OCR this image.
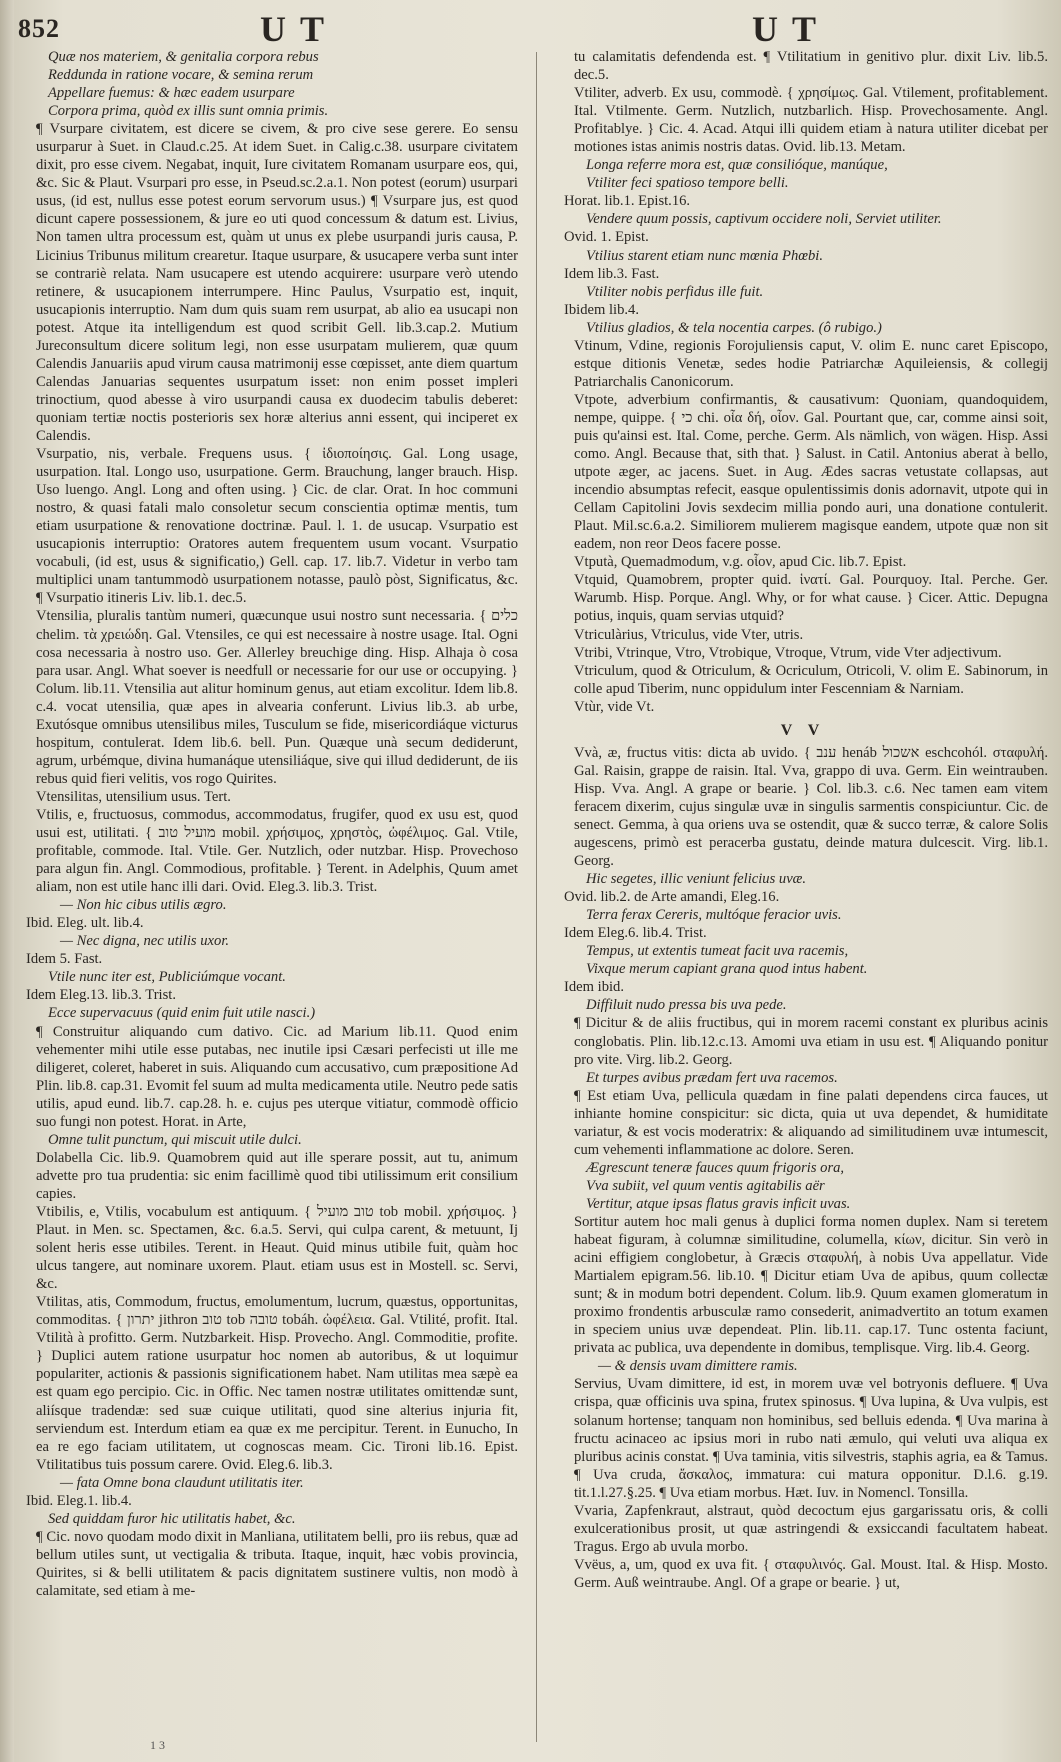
852	UT	UT

Quæ nos materiem, & genitalia corpora rebus

Reddunda in ratione vocare, & semina rerum

Appellare fuemus: & hæc eadem usurpare

Corpora prima, quòd ex illis sunt omnia primis.

¶ Vsurpare civitatem, est dicere se civem, & pro cive sese gerere. Eo sensu usurparur à Suet. in Claud.c.25. At idem Suet. in Calig.c.38. usurpare civitatem dixit, pro esse civem. Negabat, inquit, Iure civitatem Romanam usurpare eos, qui, &c. Sic & Plaut. Vsurpari pro esse, in Pseud.sc.2.a.1. Non potest (eorum) usurpari usus, (id est, nullus esse potest eorum servorum usus.) ¶ Vsurpare jus, est quod dicunt capere possessionem, & jure eo uti quod concessum & datum est. Livius, Non tamen ultra processum est, quàm ut unus ex plebe usurpandi juris causa, P. Licinius Tribunus militum crearetur. Itaque usurpare, & usucapere verba sunt inter se contrariè relata. Nam usucapere est utendo acquirere: usurpare verò utendo retinere, & usucapionem interrumpere. Hinc Paulus, Vsurpatio est, inquit, usucapionis interruptio. Nam dum quis suam rem usurpat, ab alio ea usucapi non potest. Atque ita intelligendum est quod scribit Gell. lib.3.cap.2. Mutium Jureconsultum dicere solitum legi, non esse usurpatam mulierem, quæ quum Calendis Januariis apud virum causa matrimonij esse cœpisset, ante diem quartum Calendas Januarias sequentes usurpatum isset: non enim posset impleri trinoctium, quod abesse à viro usurpandi causa ex duodecim tabulis deberet: quoniam tertiæ noctis posterioris sex horæ alterius anni essent, qui inciperet ex Calendis.

Vsurpatio, nis, verbale. Frequens usus. { ἰδιοποίησις. Gal. Long usage, usurpation. Ital. Longo uso, usurpatione. Germ. Brauchung, langer brauch. Hisp. Uso luengo. Angl. Long and often using. } Cic. de clar. Orat. In hoc communi nostro, & quasi fatali malo consoletur secum conscientia optimæ mentis, tum etiam usurpatione & renovatione doctrinæ. Paul. l. 1. de usucap. Vsurpatio est usucapionis interruptio: Oratores autem frequentem usum vocant. Vsurpatio vocabuli, (id est, usus & significatio,) Gell. cap. 17. lib.7. Videtur in verbo tam multiplici unam tantummodò usurpationem notasse, paulò pòst, Significatus, &c. ¶ Vsurpatio itineris Liv. lib.1. dec.5.

Vtensilia, pluralis tantùm numeri, quæcunque usui nostro sunt necessaria. { כלים chelim. τὰ χρειώδη. Gal. Vtensiles, ce qui est necessaire à nostre usage. Ital. Ogni cosa necessaria à nostro uso. Ger. Allerley breuchige ding. Hisp. Alhaja ò cosa para usar. Angl. What soever is needfull or necessarie for our use or occupying. } Colum. lib.11. Vtensilia aut alitur hominum genus, aut etiam excolitur. Idem lib.8. c.4. vocat utensilia, quæ apes in alvearia conferunt. Livius lib.3. ab urbe, Exutósque omnibus utensilibus miles, Tusculum se fide, misericordiáque victurus hospitum, contulerat. Idem lib.6. bell. Pun. Quæque unà secum dediderunt, agrum, urbémque, divina humanáque utensiliáque, sive qui illud dediderunt, de iis rebus quid fieri velitis, vos rogo Quirites.

Vtensilitas, utensilium usus. Tert.

Vtilis, e, fructuosus, commodus, accommodatus, frugifer, quod ex usu est, quod usui est, utilitati. { מועיל טוב mobil. χρήσιμος, χρηστὸς, ὠφέλιμος. Gal. Vtile, profitable, commode. Ital. Vtile. Ger. Nutzlich, oder nutzbar. Hisp. Provechoso para algun fin. Angl. Commodious, profitable. } Terent. in Adelphis, Quum amet aliam, non est utile hanc illi dari. Ovid. Eleg.3. lib.3. Trist.

— Non hic cibus utilis ægro.

Ibid. Eleg. ult. lib.4.

— Nec digna, nec utilis uxor.

Idem 5. Fast.

Vtile nunc iter est, Publiciúmque vocant.

Idem Eleg.13. lib.3. Trist.

Ecce supervacuus (quid enim fuit utile nasci.)

¶ Construitur aliquando cum dativo. Cic. ad Marium lib.11. Quod enim vehementer mihi utile esse putabas, nec inutile ipsi Cæsari perfecisti ut ille me diligeret, coleret, haberet in suis. Aliquando cum accusativo, cum præpositione Ad Plin. lib.8. cap.31. Evomit fel suum ad multa medicamenta utile. Neutro pede satis utilis, apud eund. lib.7. cap.28. h. e. cujus pes uterque vitiatur, commodè officio suo fungi non potest. Horat. in Arte,

Omne tulit punctum, qui miscuit utile dulci.

Dolabella Cic. lib.9. Quamobrem quid aut ille sperare possit, aut tu, animum advette pro tua prudentia: sic enim facillimè quod tibi utilissimum erit consilium capies.

Vtibilis, e, Vtilis, vocabulum est antiquum. { טוב מועיל tob mobil. χρήσιμος. } Plaut. in Men. sc. Spectamen, &c. 6.a.5. Servi, qui culpa carent, & metuunt, Ij solent heris esse utibiles. Terent. in Heaut. Quid minus utibile fuit, quàm hoc ulcus tangere, aut nominare uxorem. Plaut. etiam usus est in Mostell. sc. Servi, &c.

Vtilitas, atis, Commodum, fructus, emolumentum, lucrum, quæstus, opportunitas, commoditas. { יתרון jithron טוב tob טובה tobáh. ὠφέλεια. Gal. Vtilité, profit. Ital. Vtilità à profitto. Germ. Nutzbarkeit. Hisp. Provecho. Angl. Commoditie, profite. } Duplici autem ratione usurpatur hoc nomen ab autoribus, & ut loquimur populariter, actionis & passionis significationem habet. Nam utilitas mea sæpè ea est quam ego percipio. Cic. in Offic. Nec tamen nostræ utilitates omittendæ sunt, aliísque tradendæ: sed suæ cuique utilitati, quod sine alterius injuria fit, serviendum est. Interdum etiam ea quæ ex me percipitur. Terent. in Eunucho, In ea re ego faciam utilitatem, ut cognoscas meam. Cic. Tironi lib.16. Epist. Vtilitatibus tuis possum carere. Ovid. Eleg.6. lib.3.

— fata Omne bona claudunt utilitatis iter.

Ibid. Eleg.1. lib.4.

Sed quiddam furor hic utilitatis habet, &c.

¶ Cic. novo quodam modo dixit in Manliana, utilitatem belli, pro iis rebus, quæ ad bellum utiles sunt, ut vectigalia & tributa. Itaque, inquit, hæc vobis provincia, Quirites, si & belli utilitatem & pacis dignitatem sustinere vultis, non modò à calamitate, sed etiam à me-

tu calamitatis defendenda est. ¶ Vtilitatium in genitivo plur. dixit Liv. lib.5. dec.5.

Vtiliter, adverb. Ex usu, commodè. { χρησίμως. Gal. Vtilement, profitablement. Ital. Vtilmente. Germ. Nutzlich, nutzbarlich. Hisp. Provechosamente. Angl. Profitablye. } Cic. 4. Acad. Atqui illi quidem etiam à natura utiliter dicebat per motiones istas animis nostris datas. Ovid. lib.13. Metam.

Longa referre mora est, quæ consilióque, manúque,

Vtiliter feci spatioso tempore belli.

Horat. lib.1. Epist.16.

Vendere quum possis, captivum occidere noli, Serviet utiliter.

Ovid. 1. Epist.

Vtilius starent etiam nunc mœnia Phœbi.

Idem lib.3. Fast.

Vtiliter nobis perfidus ille fuit.

Ibidem lib.4.

Vtilius gladios, & tela nocentia carpes. (ô rubigo.)

Vtinum, Vdine, regionis Forojuliensis caput, V. olim E. nunc caret Episcopo, estque ditionis Venetæ, sedes hodie Patriarchæ Aquileiensis, & collegij Patriarchalis Canonicorum.

Vtpote, adverbium confirmantis, & causativum: Quoniam, quandoquidem, nempe, quippe. { כי chi. οἷα δή, οἷον. Gal. Pourtant que, car, comme ainsi soit, puis qu'ainsi est. Ital. Come, perche. Germ. Als nämlich, von wägen. Hisp. Assi como. Angl. Because that, sith that. } Salust. in Catil. Antonius aberat à bello, utpote æger, ac jacens. Suet. in Aug. Ædes sacras vetustate collapsas, aut incendio absumptas refecit, easque opulentissimis donis adornavit, utpote qui in Cellam Capitolini Jovis sexdecim millia pondo auri, una donatione contulerit. Plaut. Mil.sc.6.a.2. Similiorem mulierem magisque eandem, utpote quæ non sit eadem, non reor Deos facere posse.

Vtputà, Quemadmodum, v.g. οἷον, apud Cic. lib.7. Epist.

Vtquid, Quamobrem, propter quid. ἱνατί. Gal. Pourquoy. Ital. Perche. Ger. Warumb. Hisp. Porque. Angl. Why, or for what cause. } Cicer. Attic. Depugna potius, inquis, quam servias utquid?

Vtriculàrius, Vtriculus, vide Vter, utris.

Vtribi, Vtrinque, Vtro, Vtrobique, Vtroque, Vtrum, vide Vter adjectivum.

Vtriculum, quod & Otriculum, & Ocriculum, Otricoli, V. olim E. Sabinorum, in colle apud Tiberim, nunc oppidulum inter Fescenniam & Narniam.

Vtùr, vide Vt.

V V

Vvà, æ, fructus vitis: dicta ab uvido. { ענב henáb אשכול eschcohól. σταφυλή. Gal. Raisin, grappe de raisin. Ital. Vva, grappo di uva. Germ. Ein weintrauben. Hisp. Vva. Angl. A grape or bearie. } Col. lib.3. c.6. Nec tamen eam vitem feracem dixerim, cujus singulæ uvæ in singulis sarmentis conspiciuntur. Cic. de senect. Gemma, à qua oriens uva se ostendit, quæ & succo terræ, & calore Solis augescens, primò est peracerba gustatu, deinde matura dulcescit. Virg. lib.1. Georg.

Hic segetes, illic veniunt felicius uvæ.

Ovid. lib.2. de Arte amandi, Eleg.16.

Terra ferax Cereris, multóque feracior uvis.

Idem Eleg.6. lib.4. Trist.

Tempus, ut extentis tumeat facit uva racemis,

Vixque merum capiant grana quod intus habent.

Idem ibid.

Diffiluit nudo pressa bis uva pede.

¶ Dicitur & de aliis fructibus, qui in morem racemi constant ex pluribus acinis conglobatis. Plin. lib.12.c.13. Amomi uva etiam in usu est. ¶ Aliquando ponitur pro vite. Virg. lib.2. Georg.

Et turpes avibus prædam fert uva racemos.

¶ Est etiam Uva, pellicula quædam in fine palati dependens circa fauces, ut inhiante homine conspicitur: sic dicta, quia ut uva dependet, & humiditate variatur, & est vocis moderatrix: & aliquando ad similitudinem uvæ intumescit, cum vehementi inflammatione ac dolore. Seren.

Ægrescunt teneræ fauces quum frigoris ora,

Vva subiit, vel quum ventis agitabilis aër

Vertitur, atque ipsas flatus gravis inficit uvas.

Sortitur autem hoc mali genus à duplici forma nomen duplex. Nam si teretem habeat figuram, à columnæ similitudine, columella, κίων, dicitur. Sin verò in acini effigiem conglobetur, à Græcis σταφυλή, à nobis Uva appellatur. Vide Martialem epigram.56. lib.10. ¶ Dicitur etiam Uva de apibus, quum collectæ sunt; & in modum botri dependent. Colum. lib.9. Quum examen glomeratum in proximo frondentis arbusculæ ramo consederit, animadvertito an totum examen in speciem unius uvæ dependeat. Plin. lib.11. cap.17. Tunc ostenta faciunt, privata ac publica, uva dependente in domibus, templisque. Virg. lib.4. Georg.

— & densis uvam dimittere ramis.

Servius, Uvam dimittere, id est, in morem uvæ vel botryonis defluere. ¶ Uva crispa, quæ officinis uva spina, frutex spinosus. ¶ Uva lupina, & Uva vulpis, est solanum hortense; tanquam non hominibus, sed belluis edenda. ¶ Uva marina à fructu acinaceo ac ipsius mori in rubo nati æmulo, qui veluti uva aliqua ex pluribus acinis constat. ¶ Uva taminia, vitis silvestris, staphis agria, ea & Tamus. ¶ Uva cruda, ἄσκαλος, immatura: cui matura opponitur. D.l.6. g.19. tit.1.l.27.§.25. ¶ Uva etiam morbus. Hæt. Iuv. in Nomencl. Tonsilla.

Vvaria, Zapfenkraut, alstraut, quòd decoctum ejus gargarissatu oris, & colli exulcerationibus prosit, ut quæ astringendi & exsiccandi facultatem habeat. Tragus. Ergo ab uvula morbo.

Vvëus, a, um, quod ex uva fit. { σταφυλινός. Gal. Moust. Ital. & Hisp. Mosto. Germ. Auß weintraube. Angl. Of a grape or bearie. } ut,

1 3
